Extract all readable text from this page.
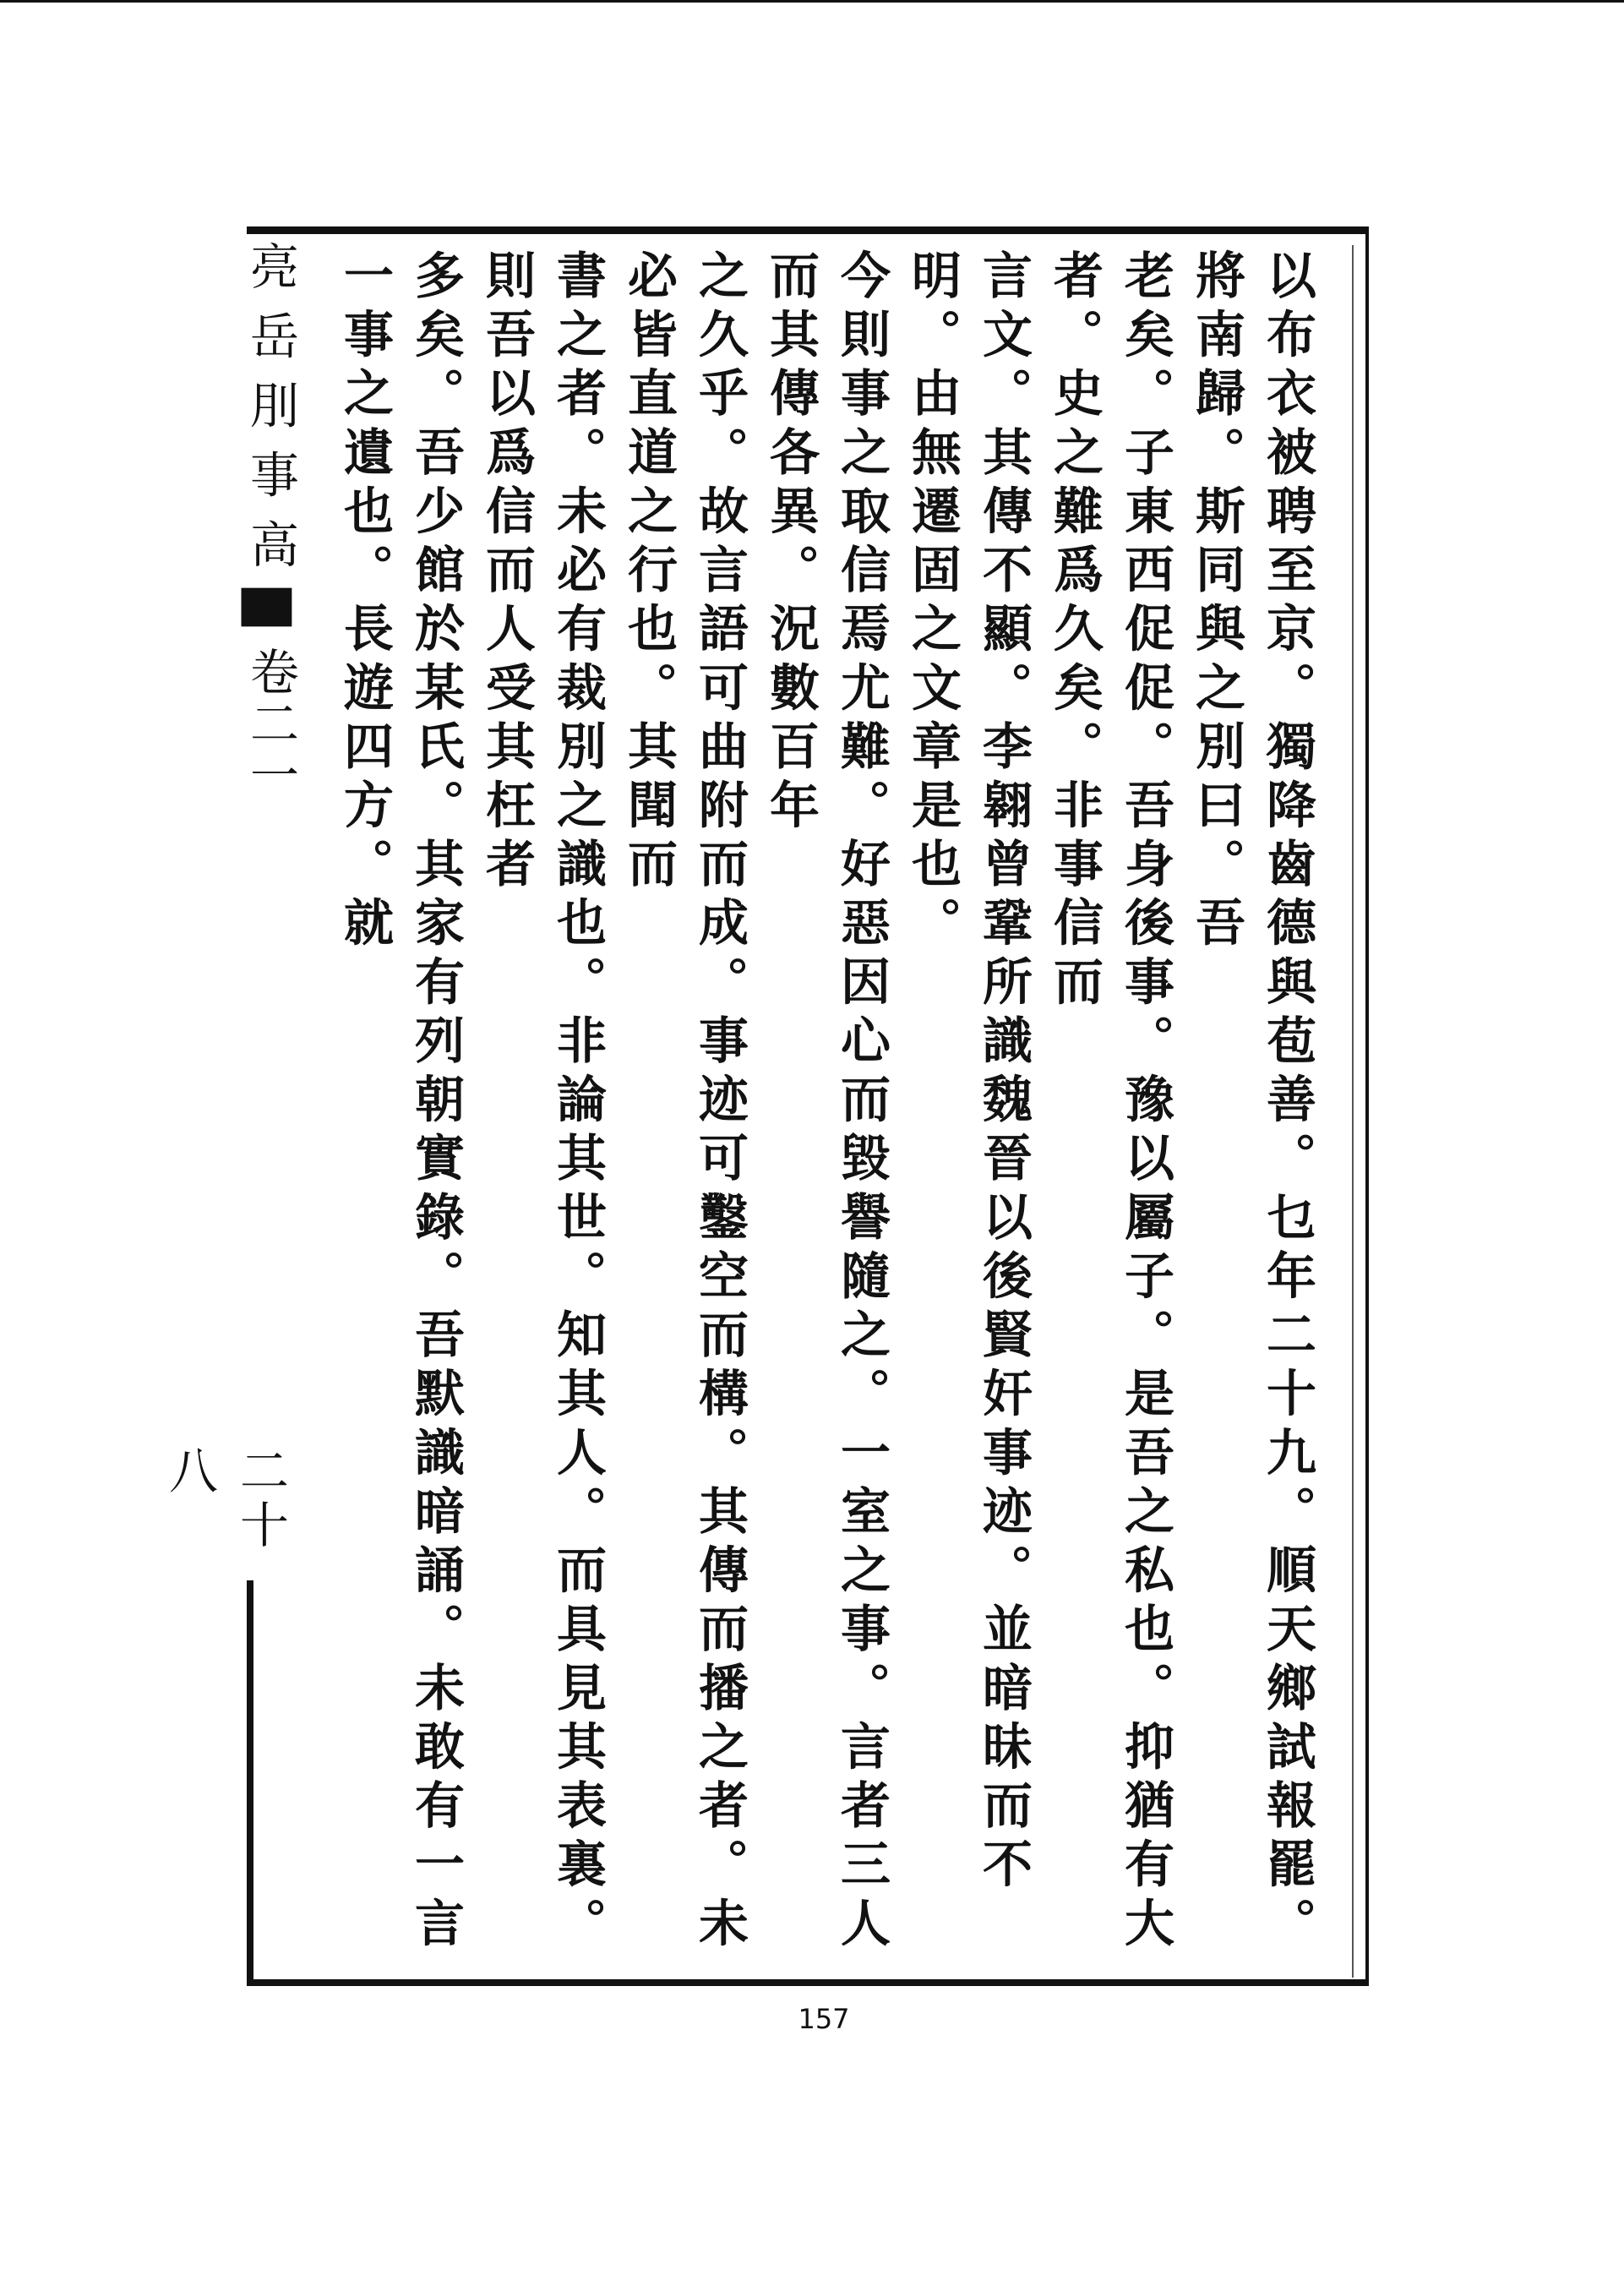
亮 岳 刖 事 高 ▇ 卷二一
二十八	以布衣被聘至京。獨降齒德與苞善。乜年二十九。順天鄉試報罷。將南歸。斯同與之別曰。吾
老矣。子東西促促。吾身後事。豫以屬子。是吾之私也。抑猶有大者。史之難爲久矣。非事信而
言文。其傳不顯。李翱曾鞏所識魏晉以後賢奸事迹。並暗昧而不明。由無遷固之文章是也。
今則事之取信焉尤難。好惡因心而毀譽隨之。一室之事。言者三人而其傳各異。況數百年
之久乎。故言語可曲附而成。事迹可鑿空而構。其傳而播之者。未必皆直道之行也。其聞而
書之者。未必有裁別之識也。非論其世。知其人。而具見其表裏。則吾以爲信而人受其枉者
多矣。吾少館於某氏。其家有列朝實錄。吾默識暗誦。未敢有一言一事之遺也。長遊四方。就
157
